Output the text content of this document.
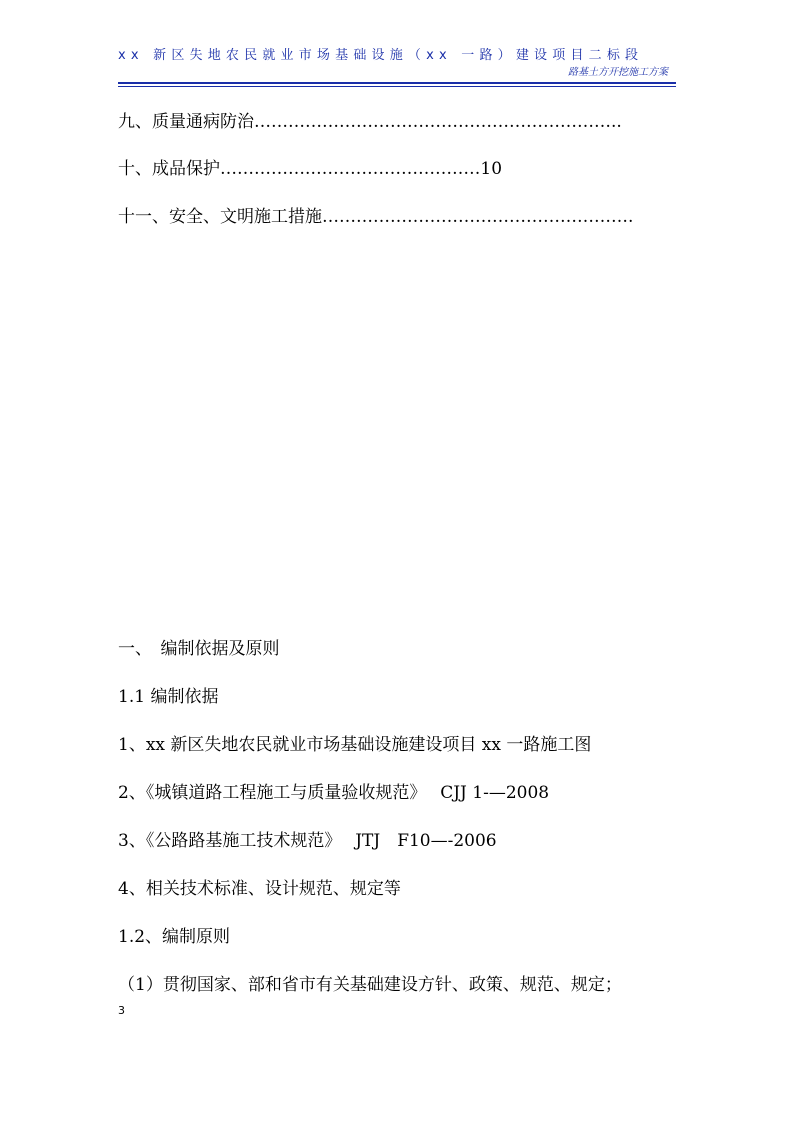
xx 新区失地农民就业市场基础设施（xx 一路）建设项目二标段
路基土方开挖施工方案
九、质量通病防治………………………………………………………..
十、成品保护…………….…………………………10
十一、安全、文明施工措施……………………………………………….
一、　编制依据及原则
1.1 编制依据
1、xx 新区失地农民就业市场基础设施建设项目 xx 一路施工图
2、《城镇道路工程施工与质量验收规范》　 CJJ 1-—2008
3、《公路路基施工技术规范》　 JTJ　F10—-2006
4、相关技术标准、设计规范、规定等
1.2、编制原则
（1）贯彻国家、部和省市有关基础建设方针、政策、规范、规定；
3
